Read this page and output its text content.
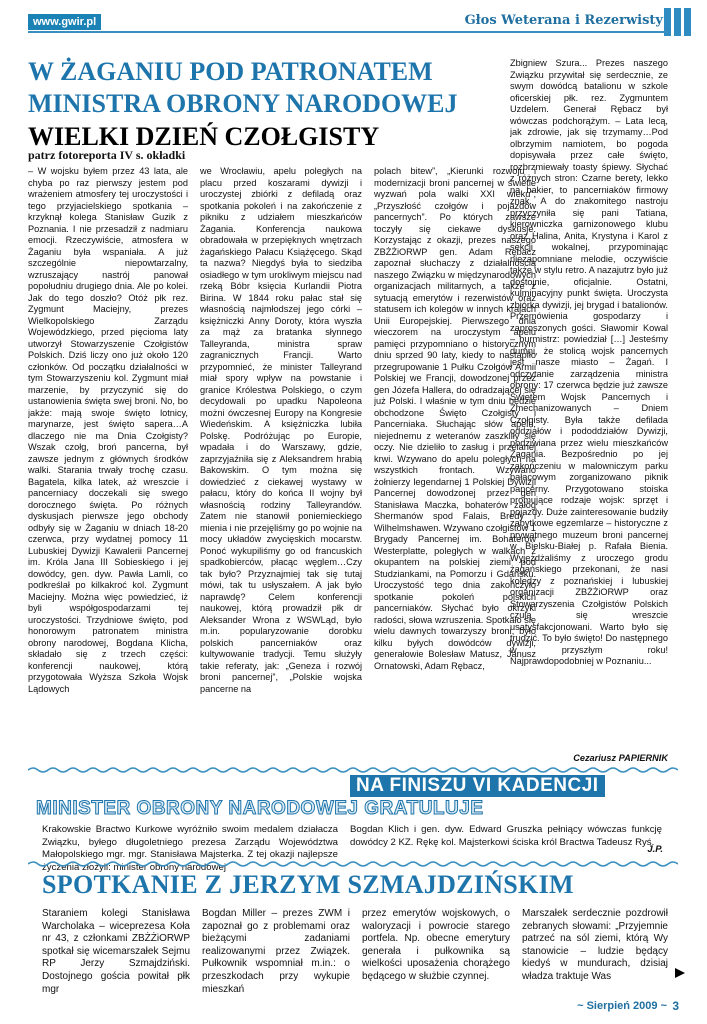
www.gwir.pl	Głos Weterana i Rezerwisty
W ŻAGANIU POD PATRONATEM
MINISTRA OBRONY NARODOWEJ
WIELKI DZIEŃ CZOŁGISTY
patrz fotoreporta IV s. okładki
– W wojsku byłem przez 43 lata, ale chyba po raz pierwszy jestem pod wrażeniem atmosfery tej uroczystości i tego przyjacielskiego spotkania – krzyknął kolega Stanisław Guzik z Poznania. I nie przesadził z nadmiaru emocji. Rzeczywiście, atmosfera w Żaganiu była wspaniała. A już szczególnie niepowtarzalny, wzruszający nastrój panował popołudniu drugiego dnia. Ale po kolei. Jak do tego doszło? Otóż płk rez. Zygmunt Maciejny, prezes Wielkopolskiego Zarządu Wojewódzkiego, przed pięcioma laty utworzył Stowarzyszenie Czołgistów Polskich. Dziś liczy ono już około 120 członków. Od początku działalności w tym Stowarzyszeniu kol. Zygmunt miał marzenie, by przyczynić się do ustanowienia święta swej broni. No, bo jakże: mają swoje święto lotnicy, marynarze, jest święto sapera…A dlaczego nie ma Dnia Czołgisty? Wszak czołg, broń pancerna, był zawsze jednym z głównych środków walki. Starania trwały trochę czasu. Bagatela, kilka latek, aż wreszcie i pancerniacy doczekali się swego dorocznego święta. Po różnych dyskusjach pierwsze jego obchody odbyły się w Żaganiu w dniach 18-20 czerwca, przy wydatnej pomocy 11 Lubuskiej Dywizji Kawalerii Pancernej im. Króla Jana III Sobieskiego i jej dowódcy, gen. dyw. Pawła Lamli, co podkreślał po kilkakroć kol. Zygmunt Maciejny. Można więc powiedzieć, iż byli współgospodarzami tej uroczystości. Trzydniowe święto, pod honorowym patronatem ministra obrony narodowej, Bogdana Klicha, składało się z trzech części: konferencji naukowej, którą przygotowała Wyższa Szkoła Wojsk Lądowych
we Wrocławiu, apelu poległych na placu przed koszarami dywizji i uroczystej zbiórki z defiladą oraz spotkania pokoleń i na zakończenie z pikniku z udziałem mieszkańców Żagania. Konferencja naukowa obradowała w przepięknych wnętrzach żagańskiego Pałacu Książęcego. Skąd ta nazwa? Niegdyś była to siedziba osiadłego w tym urokliwym miejscu nad rzeką Bóbr księcia Kurlandii Piotra Birina. W 1844 roku pałac stał się własnością najmłodszej jego córki – księżniczki Anny Doroty, która wyszła za mąż za bratanka słynnego Talleyranda, ministra spraw zagranicznych Francji. Warto przypomnieć, że minister Talleyrand miał spory wpływ na powstanie i granice Królestwa Polskiego, o czym decydowali po upadku Napoleona możni ówczesnej Europy na Kongresie Wiedeńskim. A księżniczka lubiła Polskę. Podróżując po Europie, wpadała i do Warszawy, gdzie, zaprzyjaźniła się z Aleksandrem hrabią Bakowskim. O tym można się dowiedzieć z ciekawej wystawy w pałacu, który do końca II wojny był własnością rodziny Talleyrandów. Zatem nie stanowił poniemieckiego mienia i nie przejęliśmy go po wojnie na mocy układów zwycięskich mocarstw. Ponoć wykupiliśmy go od francuskich spadkobierców, płacąc węglem…Czy tak było? Przyznajmiej tak się tutaj mówi, tak tu usłyszałem. A jak było naprawdę? Celem konferencji naukowej, którą prowadził płk dr Aleksander Wrona z WSWLąd, było m.in. popularyzowanie dorobku polskich pancerniaków oraz kultywowanie tradycji. Temu służyły takie referaty, jak: „Geneza i rozwój broni pancernej”, „Polskie wojska pancerne na
polach bitew”, „Kierunki rozwoju i modernizacji broni pancernej w świetle wyzwań pola walki XXI wieku”, „Przyszłość czołgów i pojazdów pancernych”. Po których zawsze toczyły się ciekawe dyskusje. Korzystając z okazji, prezes naszego ZBŻŻiORWP gen. Adam Rębacz zapoznał słuchaczy z działalnością naszego Związku w międzynarodowych organizacjach militarnych, a także z sytuacją emerytów i rezerwistów oraz statusem ich kolegów w innych krajach Unii Europejskiej. Pierwszego dnia wieczorem na uroczystym apelu pamięci przypomniano o historycznym dniu sprzed 90 laty, kiedy to nastąpiło przegrupowanie 1 Pułku Czołgów Armii Polskiej we Francji, dowodzonej przez gen Józefa Hallera, do odradzającej się już Polski. I właśnie w tym dniu będzie obchodzone Święto Czołgisty i Pancerniaka. Słuchając słów apelu, niejednemu z weteranów zaszkliły się oczy. Nie dzieliło to zasług i przelanej krwi. Wzywano do apelu poległych na wszystkich frontach. Wzywano żołnierzy legendarnej 1 Polskiej Dywizji Pancernej dowodzonej przez gen Stanisława Maczka, bohaterów załóg Shermanów spod Falais, Bredy i Wilhelmshawen. Wzywano czołgistów 1 Brygady Pancernej im. Bohaterów Westerplatte, poległych w walkach z okupantem na polskiej ziemi pod Studziankami, na Pomorzu i Gdańsku. Uroczystość tego dnia zakończyło spotkanie pokoleń polskich pancerniaków. Słychać było okrzyki radości, słowa wzruszenia. Spotkało się wielu dawnych towarzyszy broni, było kilku byłych dowódców dywizji, generałowie Bolesław Matusz, Janusz Ornatowski, Adam Rębacz,
Zbigniew Szura... Prezes naszego Związku przywitał się serdecznie, ze swym dowódcą batalionu w szkole oficerskiej płk. rez. Zygmuntem Uzdelem. Generał Rębacz był wówczas podchorążym. – Lata lecą, jak zdrowie, jak się trzymamy…Pod olbrzymim namiotem, bo pogoda dopisywała przez całe święto, rozbrzmiewały toasty śpiewy. Słychać z różnych stron: Czarne berety, lekko na bakier, to pancerniaków firmowy znak. A do znakomitego nastroju przyczyniła się pani Tatiana, kierowniczka garnizonowego klubu oraz Halina, Anita, Krystyna i Karol z sekcji wokalnej, przypominając niezapomniane melodie, oczywiście także w stylu retro. A nazajutrz było już dostojnie, oficjalnie. Ostatni, kulminacyjny punkt święta. Uroczysta zbiórka dywizji, jej brygad i batalionów. Przemówienia gospodarzy i zaproszonych gości. Sławomir Kowal – burmistrz: powiedział […] Jesteśmy dumni, że stolicą wojsk pancernych jest nasze miasto – Żagań. I odczytanie zarządzenia ministra obrony: 17 czerwca będzie już zawsze Świętem Wojsk Pancernych i Zmechanizowanych – Dniem Czołgisty. Była także defilada oddziałów i pododdziałów Dywizji, podziwiana przez wielu mieszkańców Żagania. Bezpośrednio po jej zakończeniu w malowniczym parku pałacowym zorganizowano piknik pancerny. Przygotowano stoiska promujące rodzaje wojsk: sprzęt i pojazdy. Duże zainteresowanie budziły zabytkowe egzemlarze – historyczne z prywatnego muzeum broni pancernej w Bielsku-Białej p. Rafała Bienia. Wyjeżdżaliśmy z uroczego grodu żagańskiego przekonani, że nasi koledzy z poznańskiej i lubuskiej organizacji ZBŻŻiORWP oraz Stowarzyszenia Czołgistów Polskich czują się wreszcie usatysfakcjonowani. Warto było się trudzić. To było święto! Do następnego w przyszłym roku! Najprawdopodobniej w Poznaniu...
Cezariusz PAPIERNIK
NA FINISZU VI KADENCJI
MINISTER OBRONY NARODOWEJ GRATULUJE
Krakowskie Bractwo Kurkowe wyróżniło swoim medalem działacza Związku, byłego długoletniego prezesa Zarządu Województwa Małopolskiego mgr. mgr. Stanisława Majsterka. Z tej okazji najlepsze życzenia złożyli: minister obrony narodowej
Bogdan Klich i gen. dyw. Edward Gruszka pełniący wówczas funkcję dowódcy 2 KZ. Rękę kol. Majsterkowi ściska król Bractwa Tadeusz Ryś.
J.P.
SPOTKANIE Z JERZYM SZMAJDZIŃSKIM
Staraniem kolegi Stanisława Warcholaka – wiceprezesa Koła nr 43, z członkami ZBŻŻiORWP spotkał się wicemarszałek Sejmu RP Jerzy Szmajdziński. Dostojnego gościa powitał płk mgr
Bogdan Miller – prezes ZWM i zapoznał go z problemami oraz bieżącymi zadaniami realizowanymi przez Związek. Pułkownik wspomniał m.in.: o przeszkodach przy wykupie mieszkań
przez emerytów wojskowych, o waloryzacji i powrocie starego portfela. Np. obecne emerytury generała i pułkownika są wielkości uposażenia chorążego będącego w służbie czynnej.
Marszałek serdecznie pozdrowił zebranych słowami: „Przyjemnie patrzeć na sól ziemi, którą Wy stanowicie – ludzie będący kiedyś w mundurach, dzisiaj władza traktuje Was
~ Sierpień 2009 ~ 3
